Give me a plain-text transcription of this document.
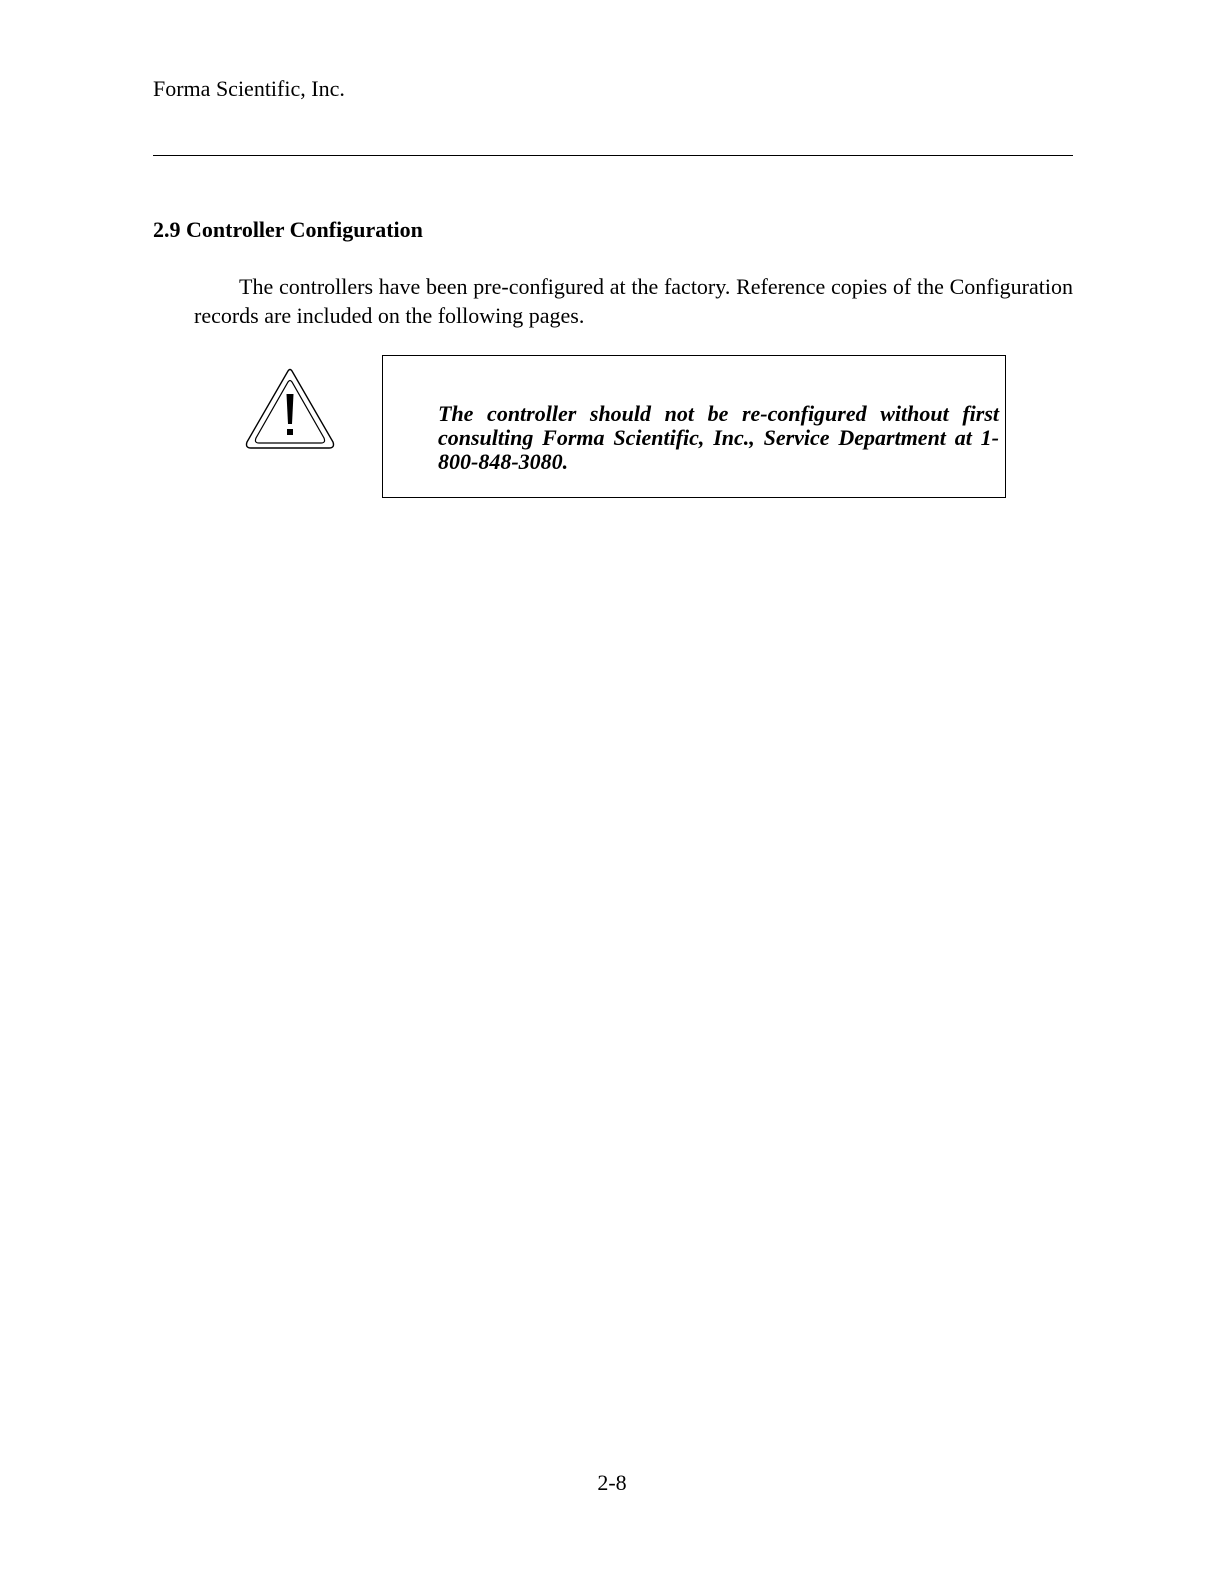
Forma Scientific, Inc.
2.9 Controller Configuration

The controllers have been pre-configured at the factory. Reference copies of the Configuration records are included on the following pages.

The controller should not be re-configured without first consulting Forma Scientific, Inc., Service Department at 1-800-848-3080.

2-8
